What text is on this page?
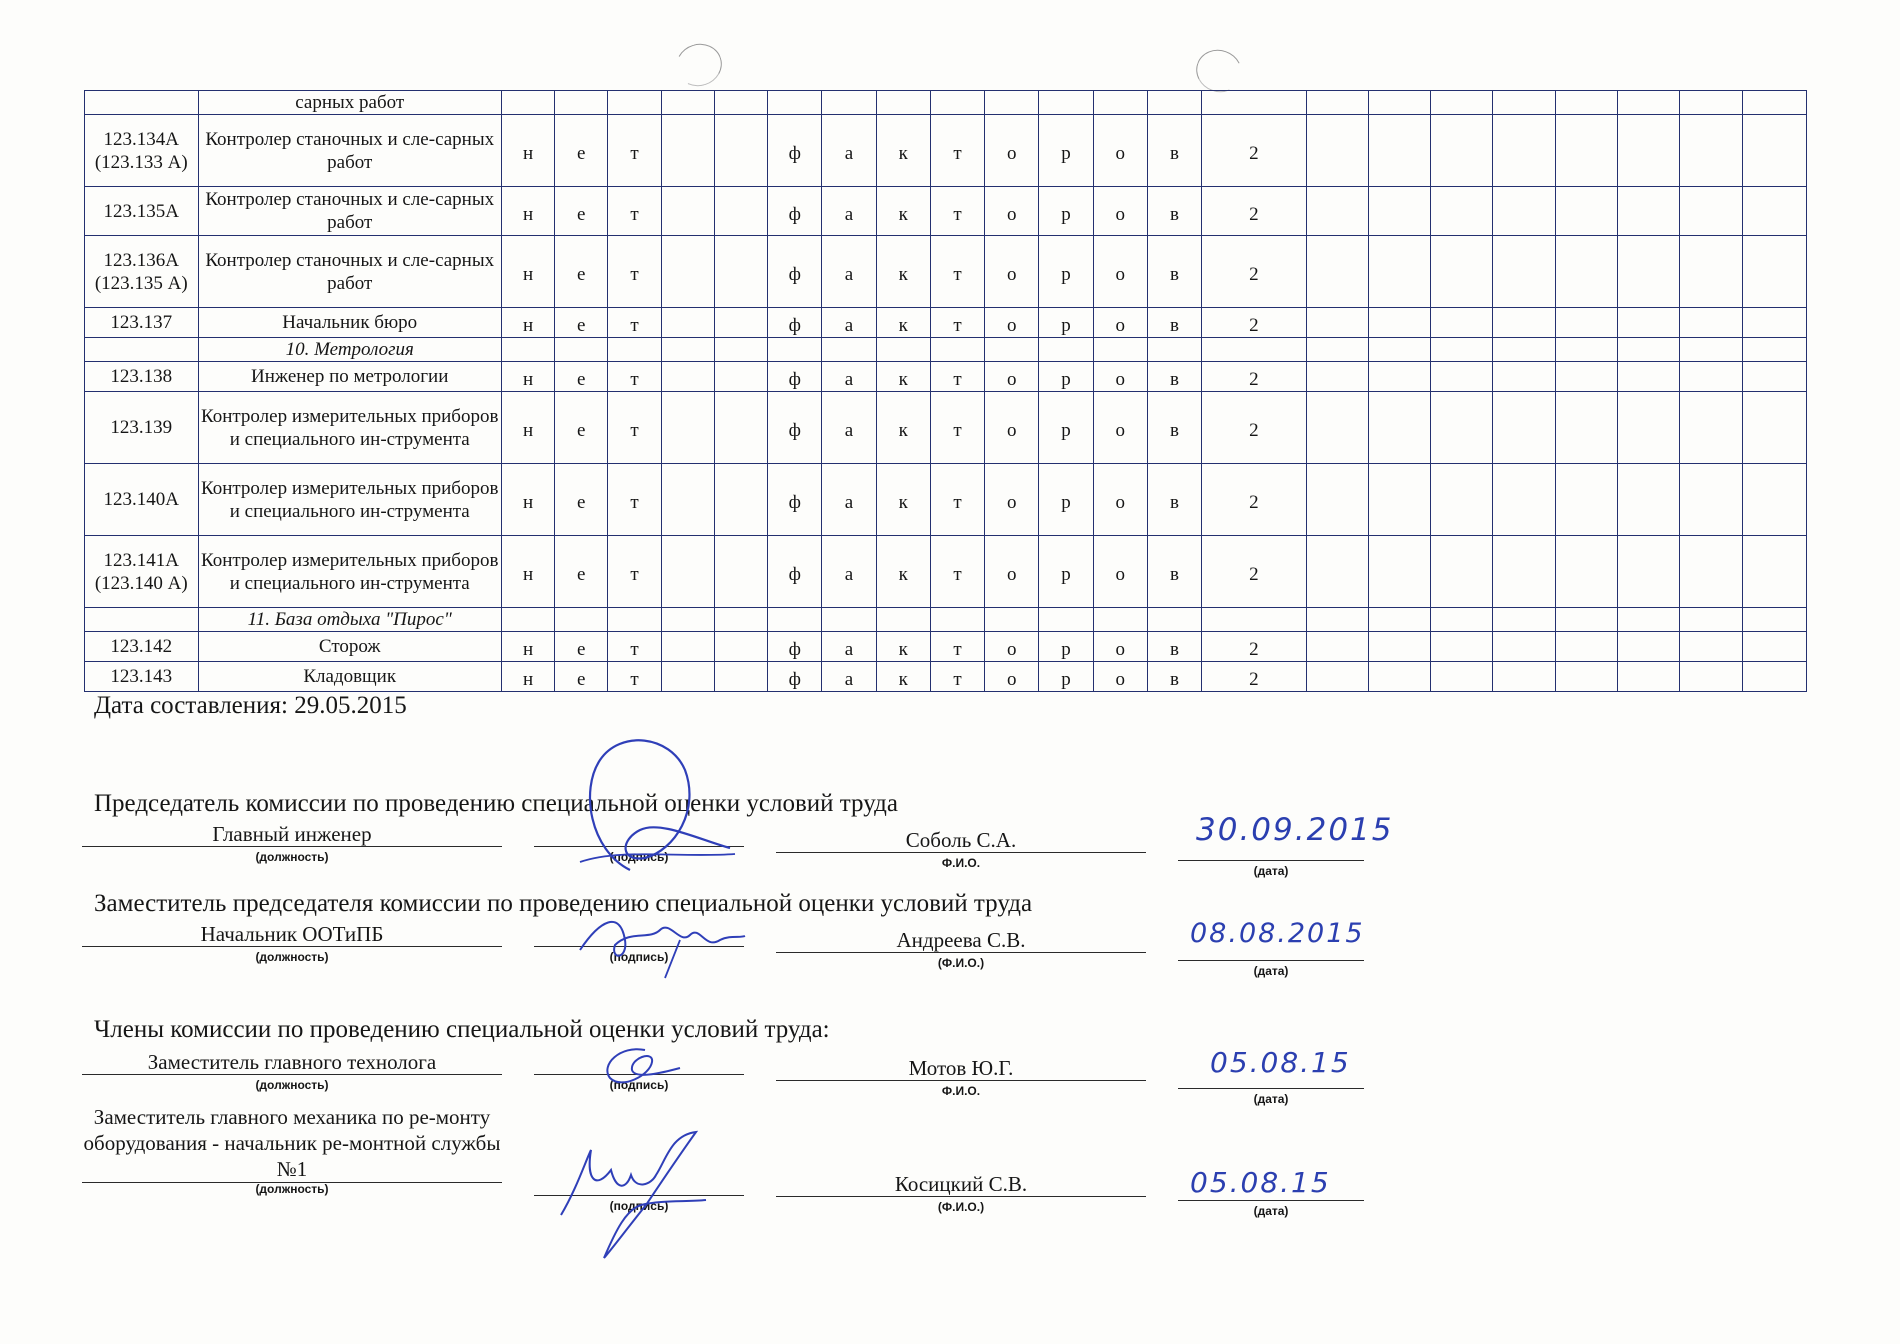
	сарных работ																						
123.134А (123.133 А)	Контролер станочных и сле-сарных работ	н	е	т			ф	а	к	т	о	р	о	в	2								
123.135А	Контролер станочных и сле-сарных работ	н	е	т			ф	а	к	т	о	р	о	в	2								
123.136А (123.135 А)	Контролер станочных и сле-сарных работ	н	е	т			ф	а	к	т	о	р	о	в	2								
123.137	Начальник бюро	н	е	т			ф	а	к	т	о	р	о	в	2								
	10. Метрология																						
123.138	Инженер по метрологии	н	е	т			ф	а	к	т	о	р	о	в	2								
123.139	Контролер измерительных приборов и специального ин-струмента	н	е	т			ф	а	к	т	о	р	о	в	2								
123.140А	Контролер измерительных приборов и специального ин-струмента	н	е	т			ф	а	к	т	о	р	о	в	2								
123.141А (123.140 А)	Контролер измерительных приборов и специального ин-струмента	н	е	т			ф	а	к	т	о	р	о	в	2								
	11. База отдыха "Пирос"																						
123.142	Сторож	н	е	т			ф	а	к	т	о	р	о	в	2								
123.143	Кладовщик	н	е	т			ф	а	к	т	о	р	о	в	2								
Дата составления: 29.05.2015
Председатель комиссии по проведению специальной оценки условий труда
Главный инженер
(должность)	(подпись)
Соболь С.А.
Ф.И.О.
(дата)
30.09.2015
Заместитель председателя комиссии по проведению специальной оценки условий труда
Начальник ООТиПБ
(должность)	(подпись)
Андреева С.В.
(Ф.И.О.)
(дата)
08.08.2015
Члены комиссии по проведению специальной оценки условий труда:
Заместитель главного технолога
(должность)	(подпись)
Мотов Ю.Г.
Ф.И.О.
(дата)
05.08.15
Заместитель главного механика по ре-монту оборудования - начальник ре-монтной службы №1
(должность)
(подпись)
Косицкий С.В.
(Ф.И.О.)	(дата)
05.08.15
